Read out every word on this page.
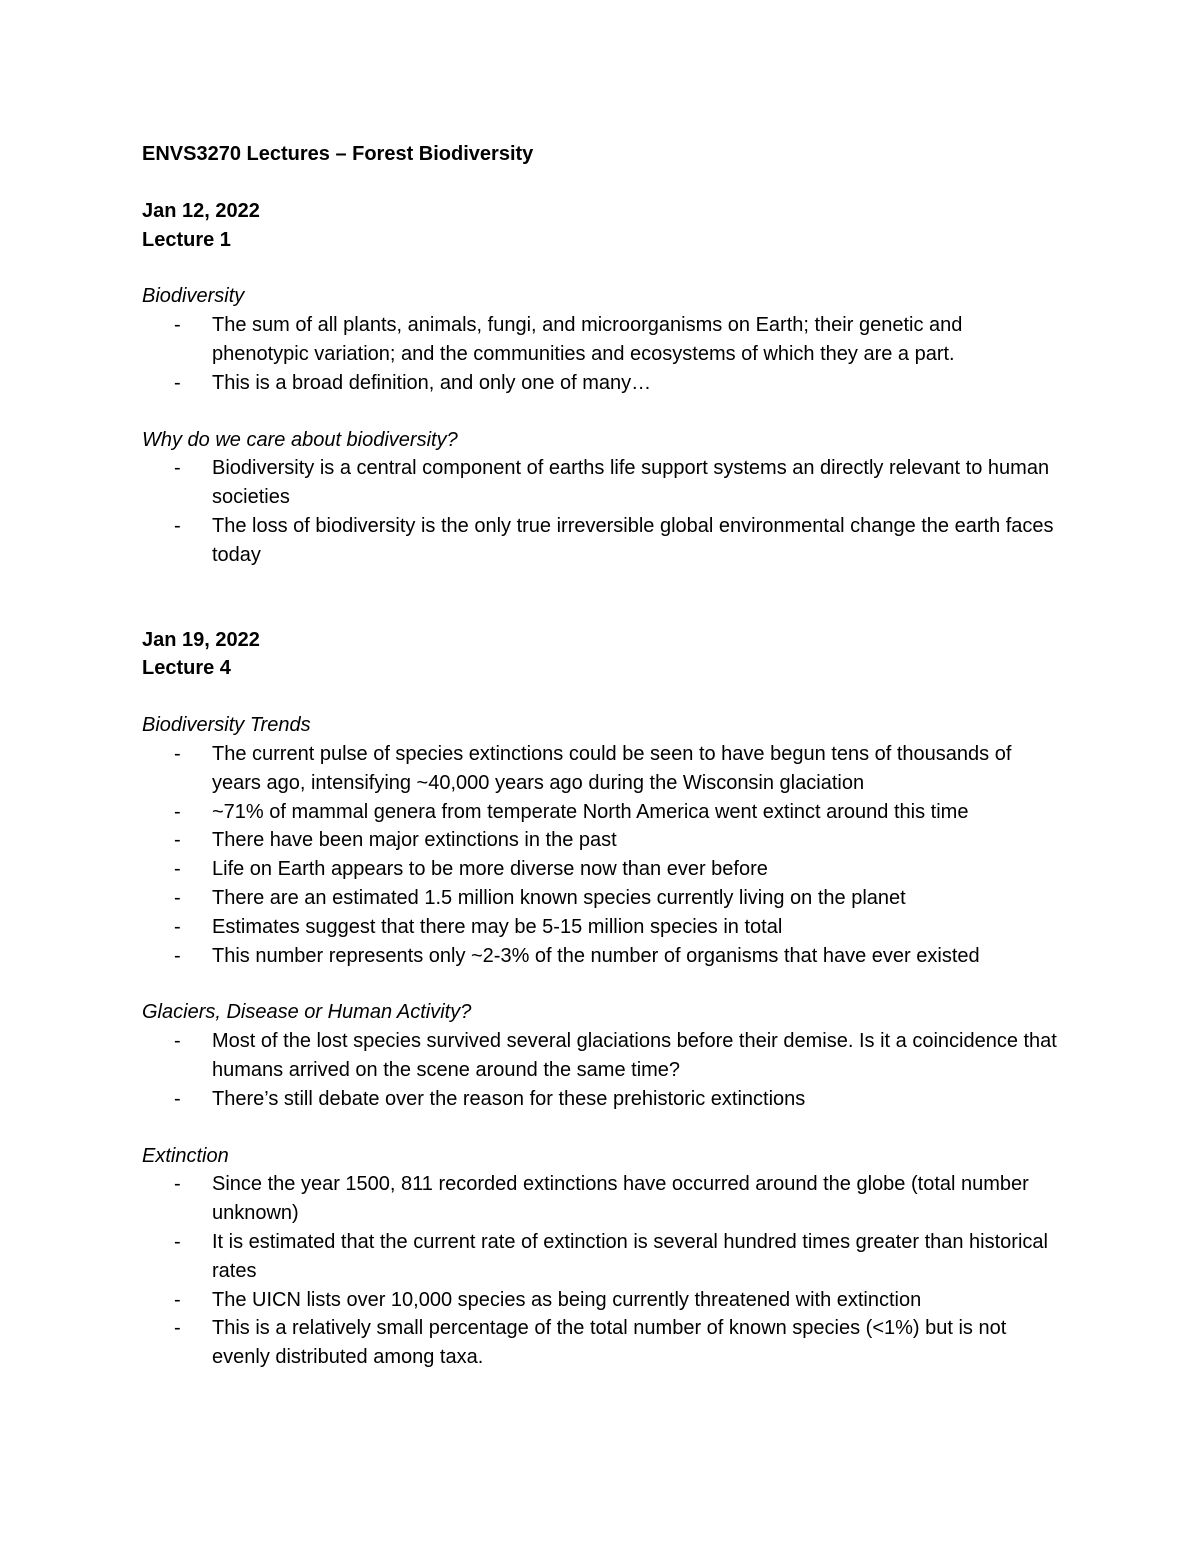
ENVS3270 Lectures – Forest Biodiversity

Jan 12, 2022

Lecture 1

Biodiversity

- The sum of all plants, animals, fungi, and microorganisms on Earth; their genetic and phenotypic variation; and the communities and ecosystems of which they are a part.
- This is a broad definition, and only one of many…

Why do we care about biodiversity?

- Biodiversity is a central component of earths life support systems an directly relevant to human societies
- The loss of biodiversity is the only true irreversible global environmental change the earth faces today

Jan 19, 2022

Lecture 4

Biodiversity Trends

- The current pulse of species extinctions could be seen to have begun tens of thousands of years ago, intensifying ~40,000 years ago during the Wisconsin glaciation
- ~71% of mammal genera from temperate North America went extinct around this time
- There have been major extinctions in the past
- Life on Earth appears to be more diverse now than ever before
- There are an estimated 1.5 million known species currently living on the planet
- Estimates suggest that there may be 5-15 million species in total
- This number represents only ~2-3% of the number of organisms that have ever existed

Glaciers, Disease or Human Activity?

- Most of the lost species survived several glaciations before their demise. Is it a coincidence that humans arrived on the scene around the same time?
- There’s still debate over the reason for these prehistoric extinctions

Extinction

- Since the year 1500, 811 recorded extinctions have occurred around the globe (total number unknown)
- It is estimated that the current rate of extinction is several hundred times greater than historical rates
- The UICN lists over 10,000 species as being currently threatened with extinction
- This is a relatively small percentage of the total number of known species (<1%) but is not evenly distributed among taxa.
